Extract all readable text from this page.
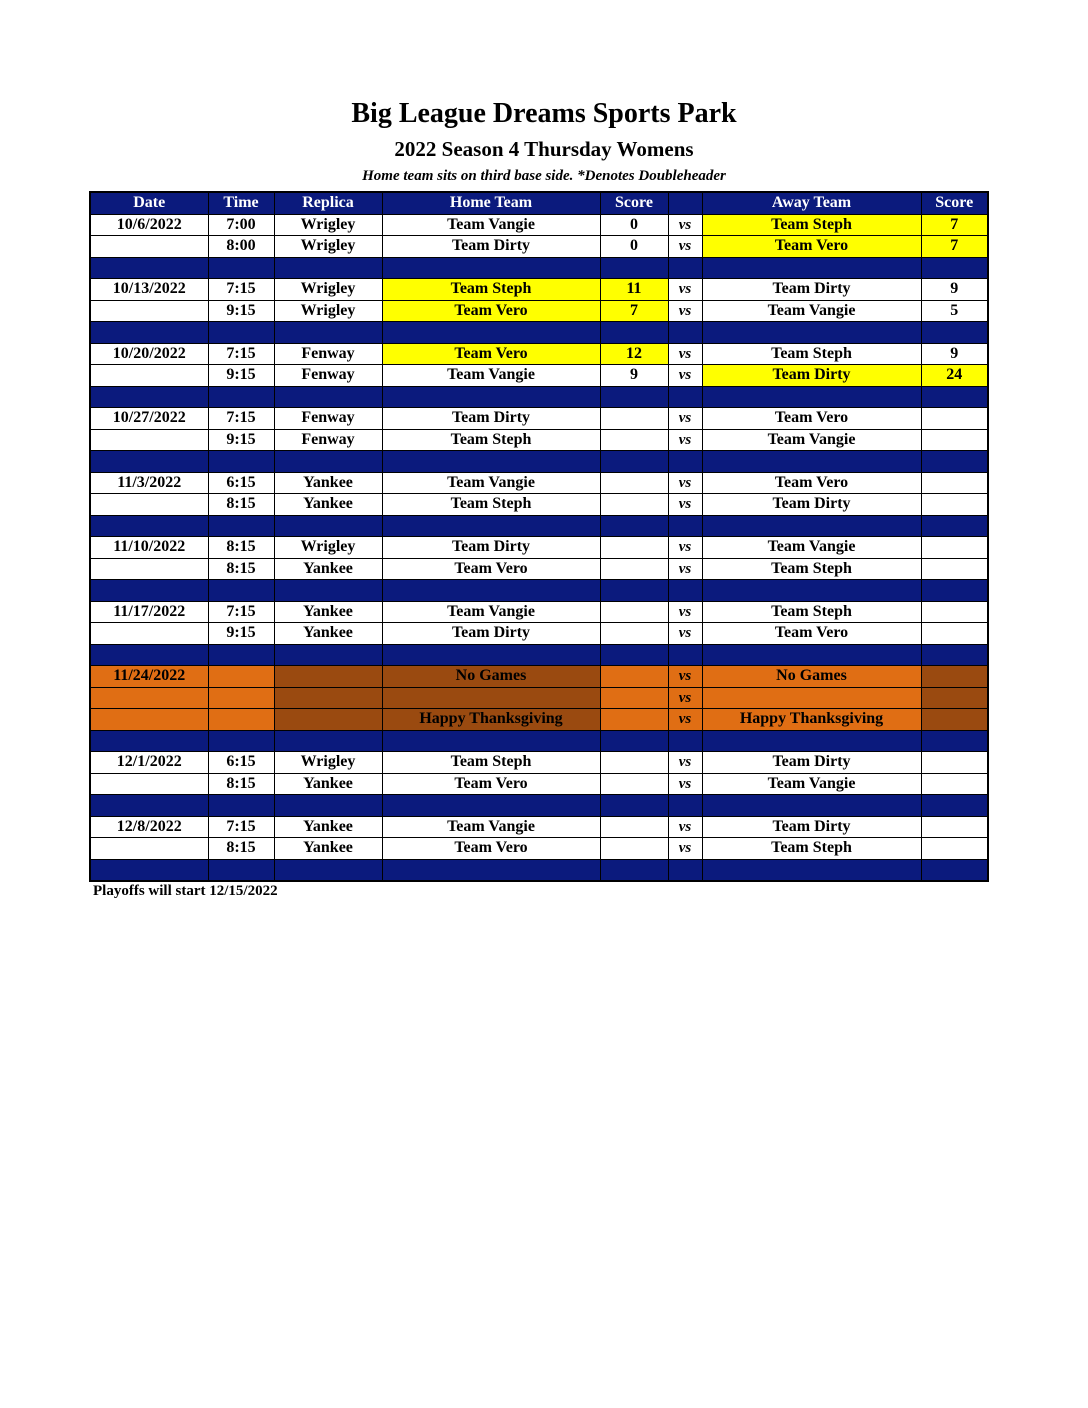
Big League Dreams Sports Park
2022 Season 4 Thursday Womens
Home team sits on third base side. *Denotes Doubleheader
Date	Time	Replica	Home Team	Score		Away Team	Score
10/6/2022	7:00	Wrigley	Team Vangie	0	vs	Team Steph	7
	8:00	Wrigley	Team Dirty	0	vs	Team Vero	7

10/13/2022	7:15	Wrigley	Team Steph	11	vs	Team Dirty	9
	9:15	Wrigley	Team Vero	7	vs	Team Vangie	5

10/20/2022	7:15	Fenway	Team Vero	12	vs	Team Steph	9
	9:15	Fenway	Team Vangie	9	vs	Team Dirty	24

10/27/2022	7:15	Fenway	Team Dirty		vs	Team Vero	
	9:15	Fenway	Team Steph		vs	Team Vangie	

11/3/2022	6:15	Yankee	Team Vangie		vs	Team Vero	
	8:15	Yankee	Team Steph		vs	Team Dirty	

11/10/2022	8:15	Wrigley	Team Dirty		vs	Team Vangie	
	8:15	Yankee	Team Vero		vs	Team Steph	

11/17/2022	7:15	Yankee	Team Vangie		vs	Team Steph	
	9:15	Yankee	Team Dirty		vs	Team Vero	

11/24/2022			No Games		vs	No Games	
					vs		
			Happy Thanksgiving		vs	Happy Thanksgiving	

12/1/2022	6:15	Wrigley	Team Steph		vs	Team Dirty	
	8:15	Yankee	Team Vero		vs	Team Vangie	

12/8/2022	7:15	Yankee	Team Vangie		vs	Team Dirty	
	8:15	Yankee	Team Vero		vs	Team Steph	

Playoffs will start 12/15/2022
